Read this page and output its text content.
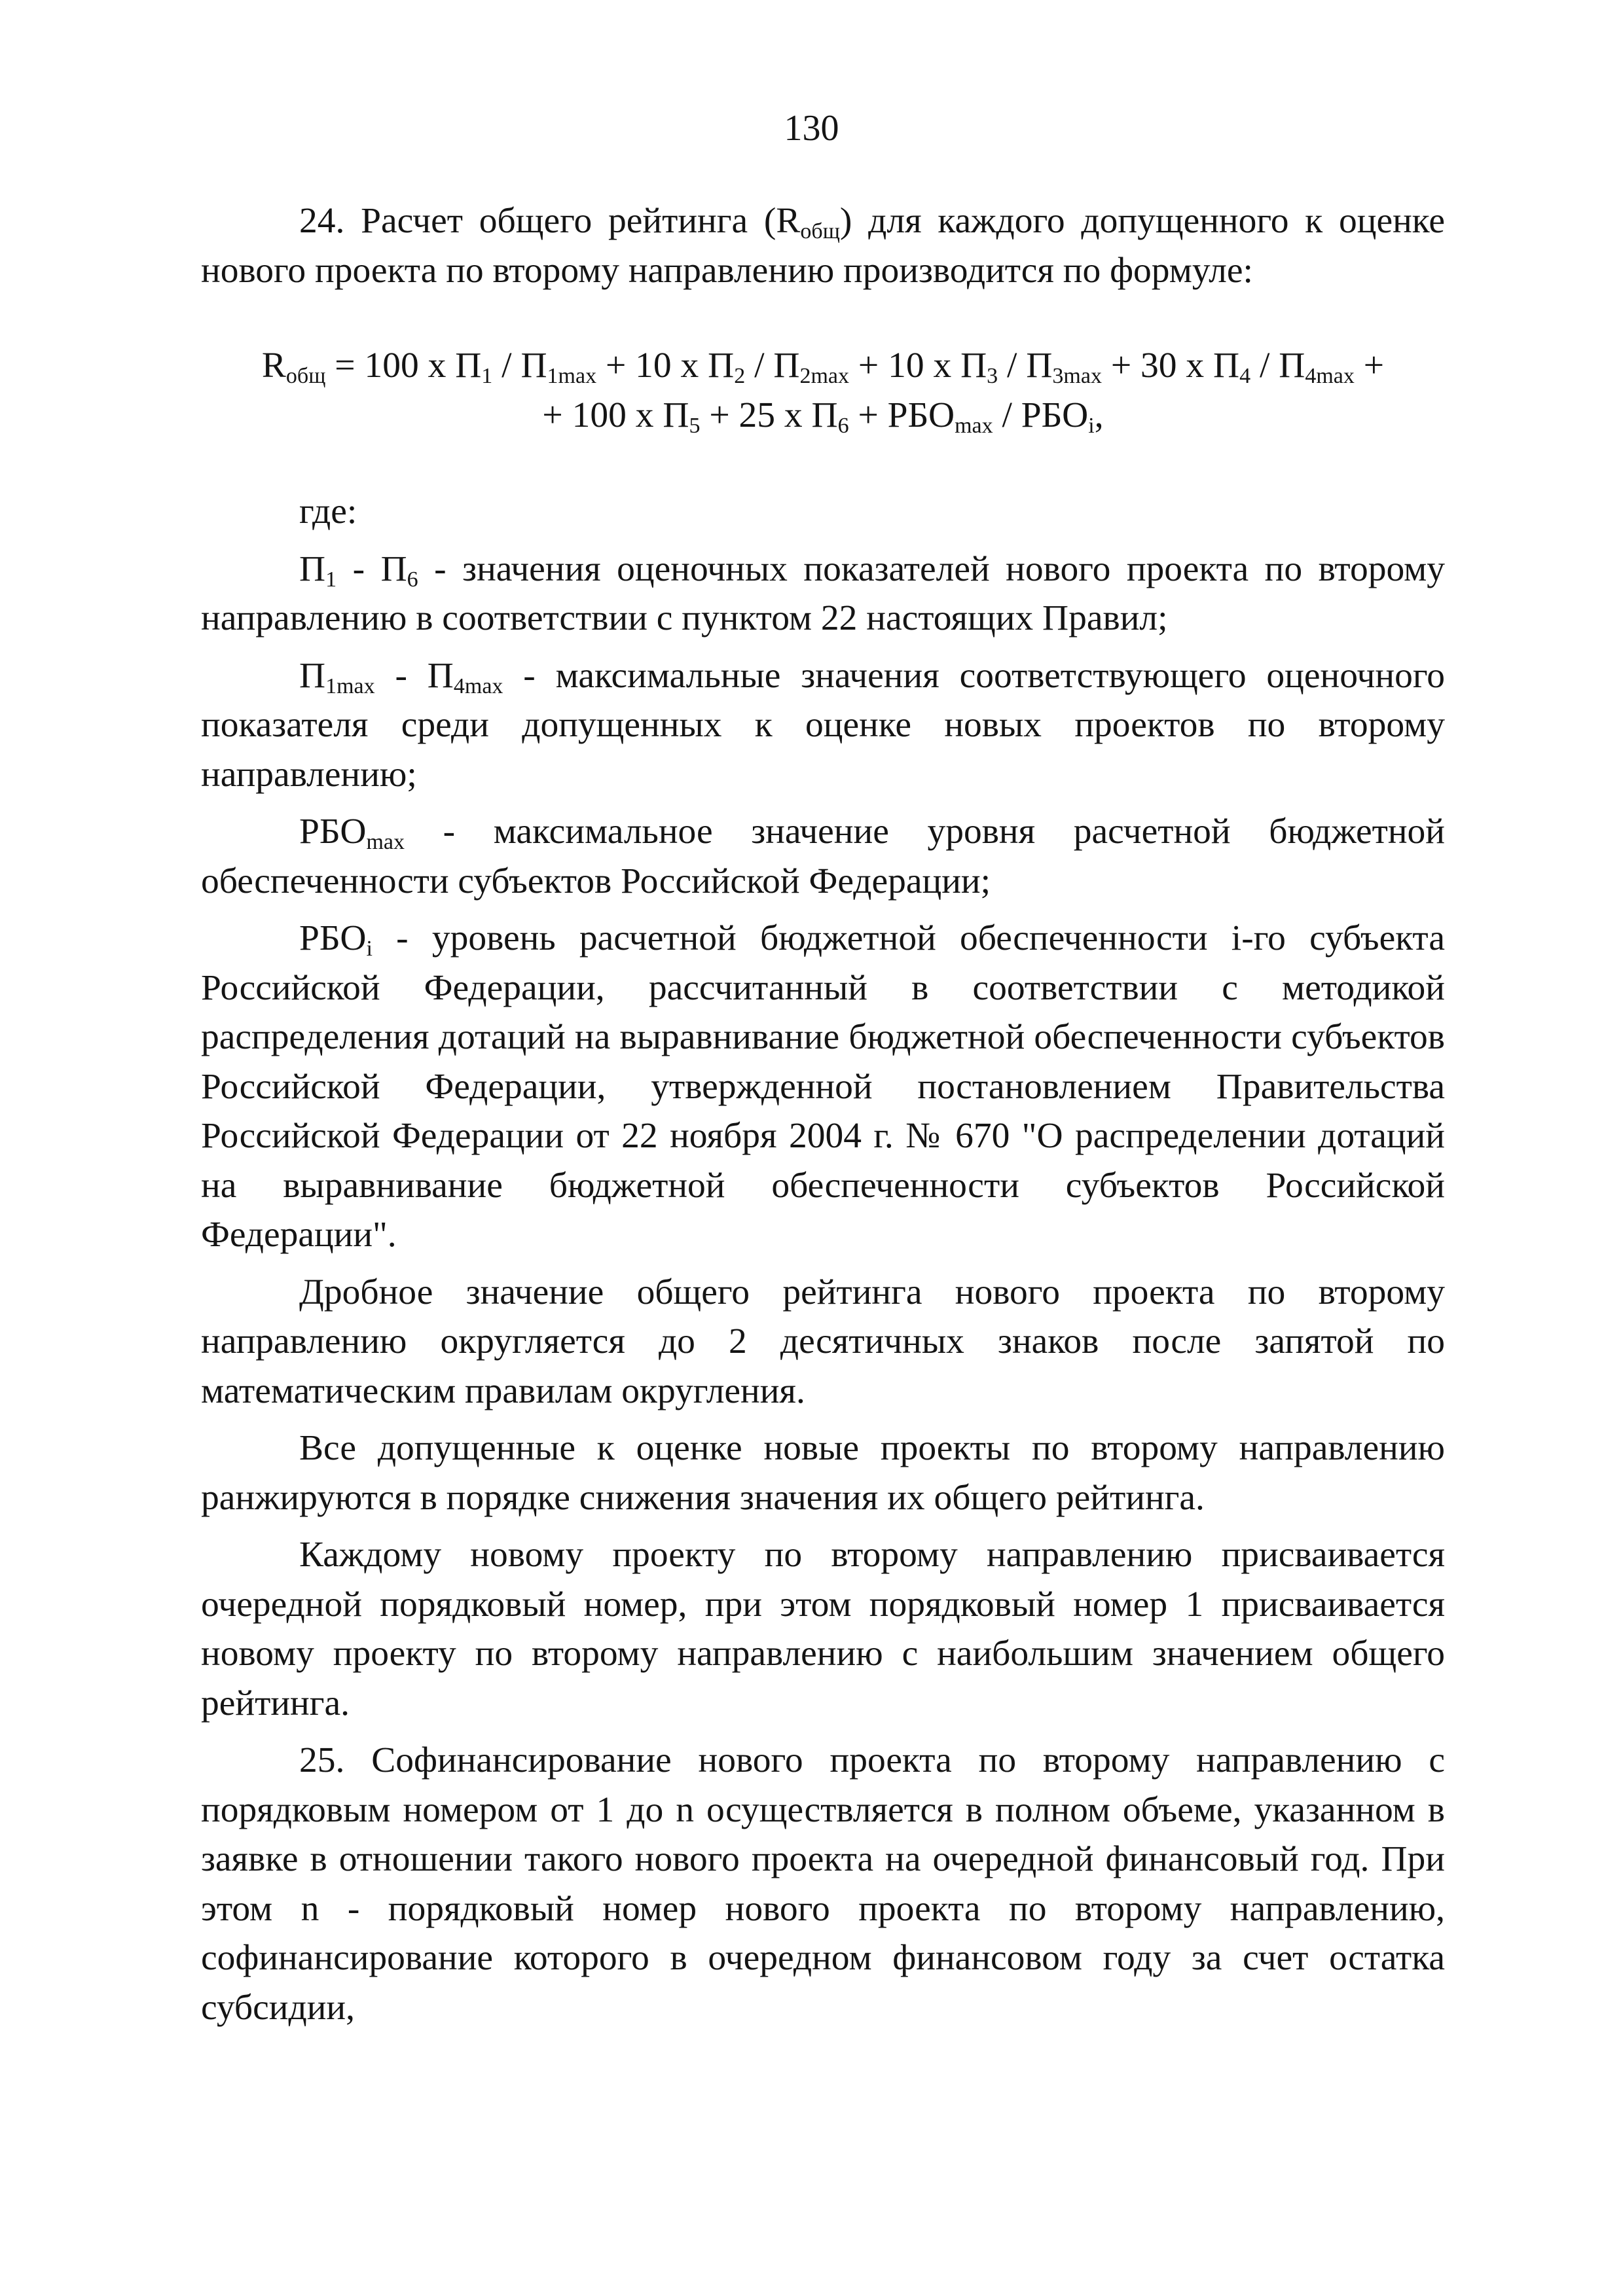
130

24. Расчет общего рейтинга $(R_{общ})$ для каждого допущенного к оценке нового проекта по второму направлению производится по формуле:

$R_{общ} = 100$ x $П_1 / П_{1max} + 10$ x $П_2 / П_{2max} + 10$ x $П_3 / П_{3max} + 30$ x $П_4 / П_{4max}$ +
+ 100 x $П_5 + 25$ x $П_6 + РБО_{max} / РБО_i$,

где:

$П_1 - П_6$ - значения оценочных показателей нового проекта по второму направлению в соответствии с пунктом 22 настоящих Правил;

$П_{1max} - П_{4max}$ - максимальные значения соответствующего оценочного показателя среди допущенных к оценке новых проектов по второму направлению;

$РБО_{max}$ - максимальное значение уровня расчетной бюджетной обеспеченности субъектов Российской Федерации;

$РБО_i$ - уровень расчетной бюджетной обеспеченности i-го субъекта Российской Федерации, рассчитанный в соответствии с методикой распределения дотаций на выравнивание бюджетной обеспеченности субъектов Российской Федерации, утвержденной постановлением Правительства Российской Федерации от 22 ноября 2004 г. № 670 "О распределении дотаций на выравнивание бюджетной обеспеченности субъектов Российской Федерации".

Дробное значение общего рейтинга нового проекта по второму направлению округляется до 2 десятичных знаков после запятой по математическим правилам округления.

Все допущенные к оценке новые проекты по второму направлению ранжируются в порядке снижения значения их общего рейтинга.

Каждому новому проекту по второму направлению присваивается очередной порядковый номер, при этом порядковый номер 1 присваивается новому проекту по второму направлению с наибольшим значением общего рейтинга.

25. Софинансирование нового проекта по второму направлению с порядковым номером от 1 до n осуществляется в полном объеме, указанном в заявке в отношении такого нового проекта на очередной финансовый год. При этом n - порядковый номер нового проекта по второму направлению, софинансирование которого в очередном финансовом году за счет остатка субсидии,
